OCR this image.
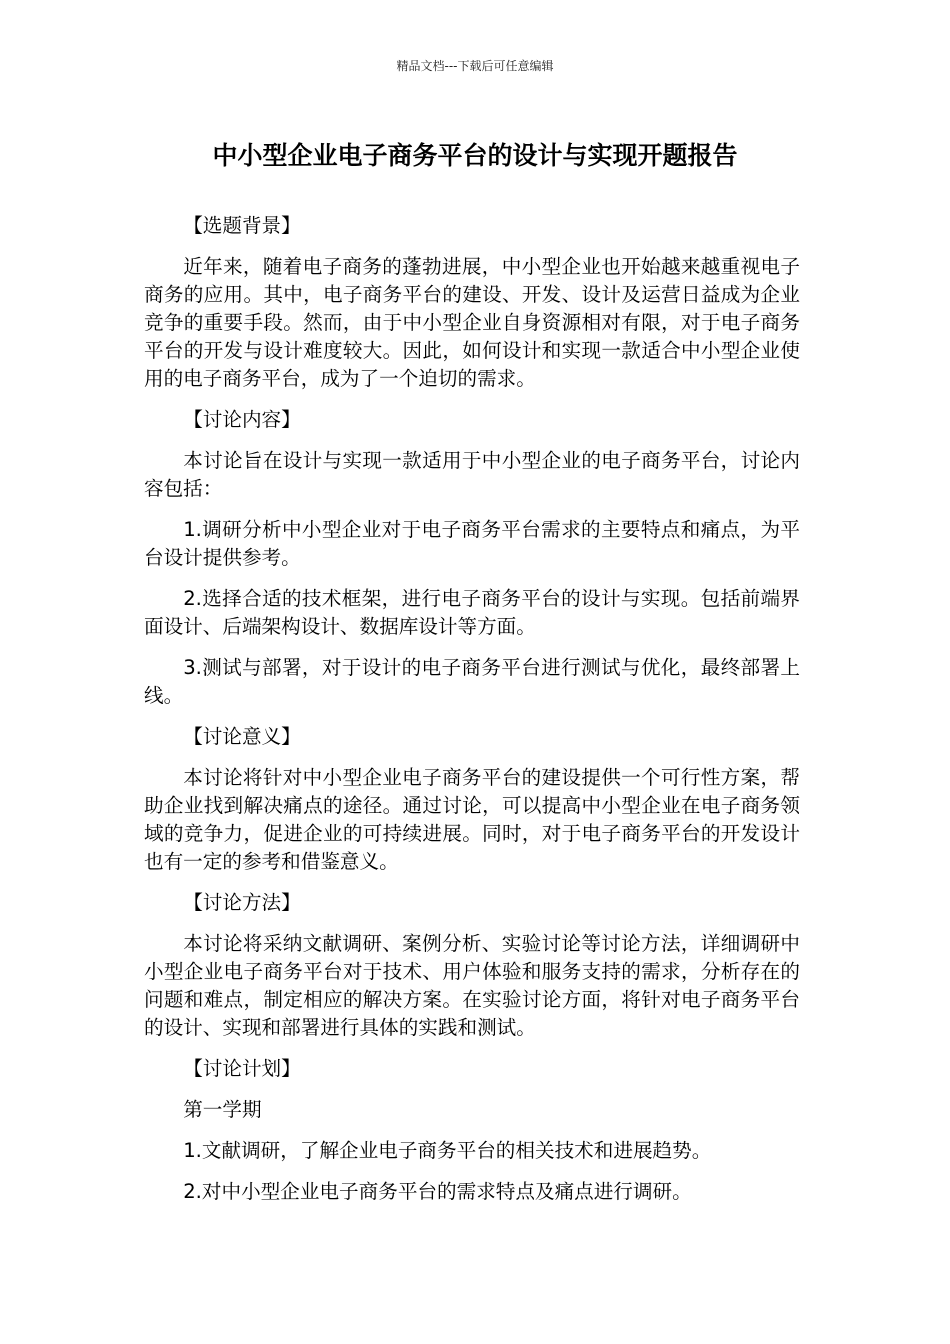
精品文档---下载后可任意编辑
中小型企业电子商务平台的设计与实现开题报告

【选题背景】

近年来，随着电子商务的蓬勃进展，中小型企业也开始越来越重视电子商务的应用。其中，电子商务平台的建设、开发、设计及运营日益成为企业竞争的重要手段。然而，由于中小型企业自身资源相对有限，对于电子商务平台的开发与设计难度较大。因此，如何设计和实现一款适合中小型企业使用的电子商务平台，成为了一个迫切的需求。

【讨论内容】

本讨论旨在设计与实现一款适用于中小型企业的电子商务平台，讨论内容包括：

1.调研分析中小型企业对于电子商务平台需求的主要特点和痛点，为平台设计提供参考。

2.选择合适的技术框架，进行电子商务平台的设计与实现。包括前端界面设计、后端架构设计、数据库设计等方面。

3.测试与部署，对于设计的电子商务平台进行测试与优化，最终部署上线。

【讨论意义】

本讨论将针对中小型企业电子商务平台的建设提供一个可行性方案，帮助企业找到解决痛点的途径。通过讨论，可以提高中小型企业在电子商务领域的竞争力，促进企业的可持续进展。同时，对于电子商务平台的开发设计也有一定的参考和借鉴意义。

【讨论方法】

本讨论将采纳文献调研、案例分析、实验讨论等讨论方法，详细调研中小型企业电子商务平台对于技术、用户体验和服务支持的需求，分析存在的问题和难点，制定相应的解决方案。在实验讨论方面，将针对电子商务平台的设计、实现和部署进行具体的实践和测试。

【讨论计划】

第一学期

1.文献调研，了解企业电子商务平台的相关技术和进展趋势。

2.对中小型企业电子商务平台的需求特点及痛点进行调研。
